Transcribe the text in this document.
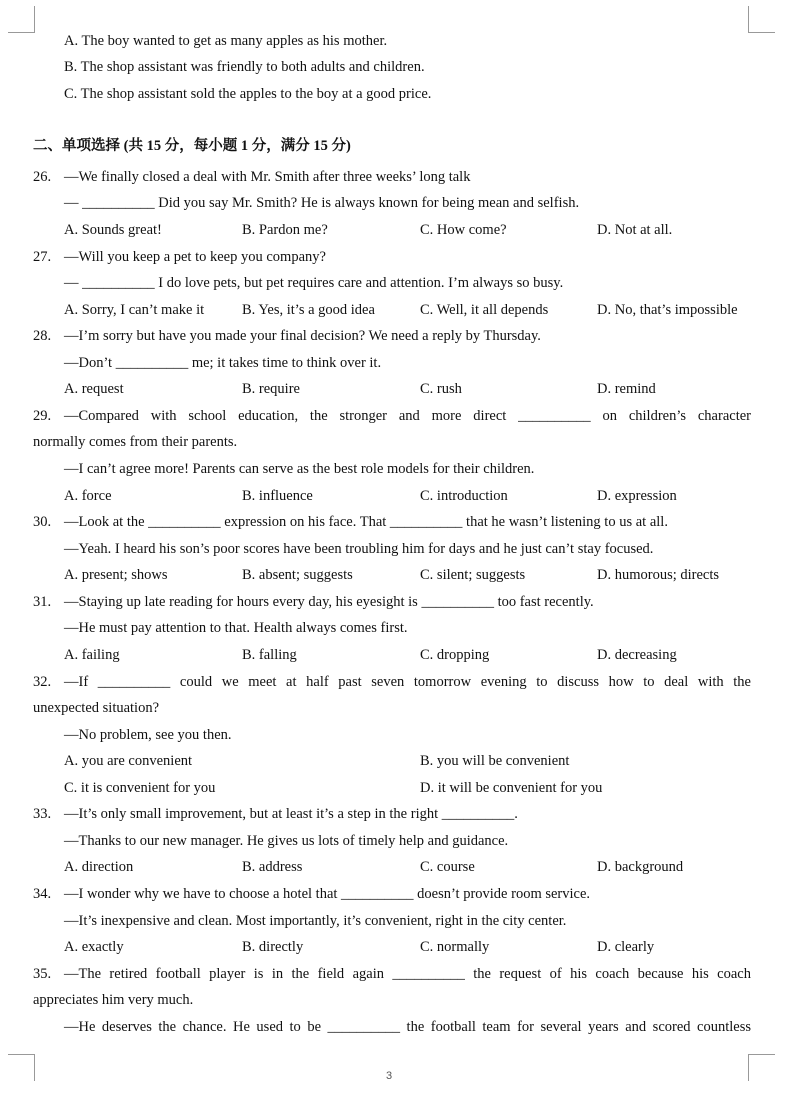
A. The boy wanted to get as many apples as his mother.
B. The shop assistant was friendly to both adults and children.
C. The shop assistant sold the apples to the boy at a good price.
二、单项选择 (共 15 分，每小题 1 分，满分 15 分)
26. —We finally closed a deal with Mr. Smith after three weeks’ long talk
— __________ Did you say Mr. Smith? He is always known for being mean and selfish.
A. Sounds great!	B. Pardon me?	C. How come?	D. Not at all.
27. —Will you keep a pet to keep you company?
— __________ I do love pets, but pet requires care and attention. I’m always so busy.
A. Sorry, I can’t make it	B. Yes, it’s a good idea	C. Well, it all depends	D. No, that’s impossible
28. —I’m sorry but have you made your final decision? We need a reply by Thursday.
—Don’t __________ me; it takes time to think over it.
A. request	B. require	C. rush	D. remind
29. —Compared with school education, the stronger and more direct __________ on children’s character
normally comes from their parents.
—I can’t agree more! Parents can serve as the best role models for their children.
A. force	B. influence	C. introduction	D. expression
30. —Look at the __________ expression on his face. That __________ that he wasn’t listening to us at all.
—Yeah. I heard his son’s poor scores have been troubling him for days and he just can’t stay focused.
A. present; shows	B. absent; suggests	C. silent; suggests	D. humorous; directs
31. —Staying up late reading for hours every day, his eyesight is __________ too fast recently.
—He must pay attention to that. Health always comes first.
A. failing	B. falling	C. dropping	D. decreasing
32. —If __________ could we meet at half past seven tomorrow evening to discuss how to deal with the
unexpected situation?
—No problem, see you then.
A. you are convenient	B. you will be convenient
C. it is convenient for you	D. it will be convenient for you
33. —It’s only small improvement, but at least it’s a step in the right __________.
—Thanks to our new manager. He gives us lots of timely help and guidance.
A. direction	B. address	C. course	D. background
34. —I wonder why we have to choose a hotel that __________ doesn’t provide room service.
—It’s inexpensive and clean. Most importantly, it’s convenient, right in the city center.
A. exactly	B. directly	C. normally	D. clearly
35. —The retired football player is in the field again __________ the request of his coach because his coach
appreciates him very much.
—He deserves the chance. He used to be __________ the football team for several years and scored countless
3
